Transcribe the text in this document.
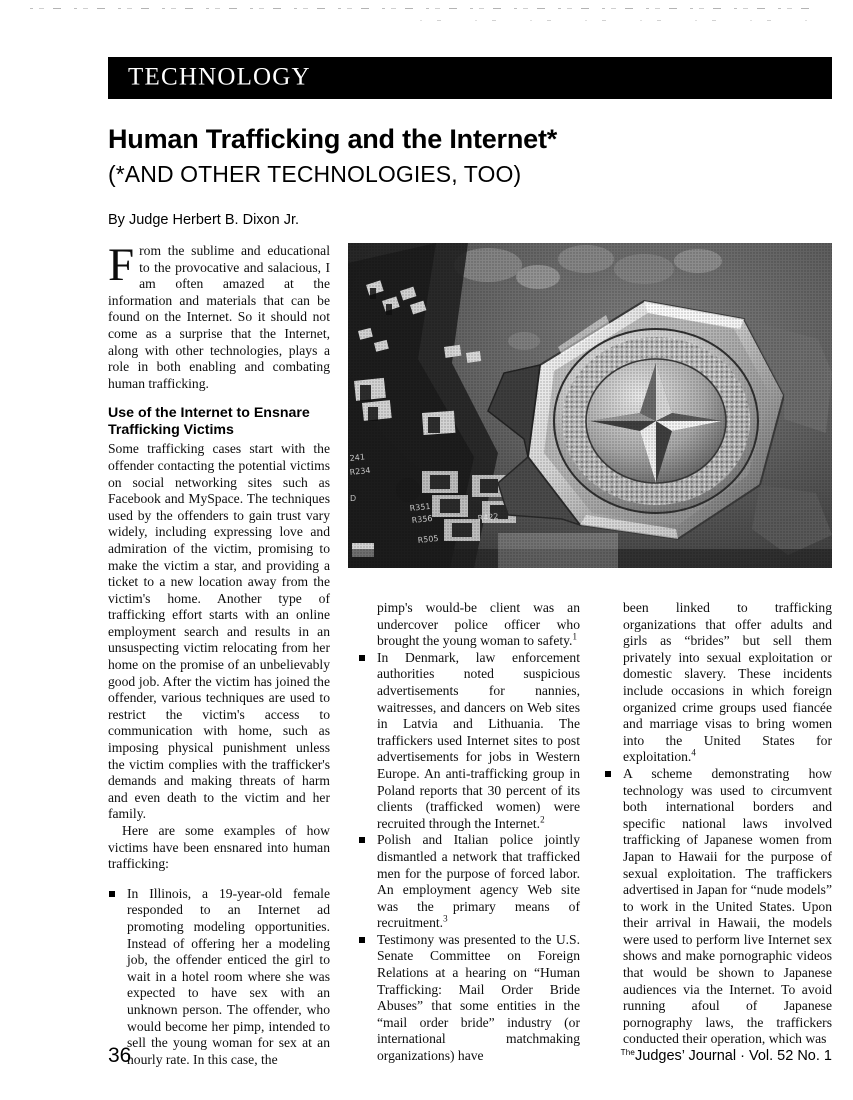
TECHNOLOGY
Human Trafficking and the Internet*
(*AND OTHER TECHNOLOGIES, TOO)
By Judge Herbert B. Dixon Jr.

From the sublime and educational to the provocative and salacious, I am often amazed at the information and materials that can be found on the Internet. So it should not come as a surprise that the Internet, along with other technologies, plays a role in both enabling and combating human trafficking.

Use of the Internet to Ensnare Trafficking Victims

Some trafficking cases start with the offender contacting the potential victims on social networking sites such as Facebook and MySpace. The techniques used by the offenders to gain trust vary widely, including expressing love and admiration of the victim, promising to make the victim a star, and providing a ticket to a new location away from the victim's home. Another type of trafficking effort starts with an online employment search and results in an unsuspecting victim relocating from her home on the promise of an unbelievably good job. After the victim has joined the offender, various techniques are used to restrict the victim's access to communication with home, such as imposing physical punishment unless the victim complies with the trafficker's demands and making threats of harm and even death to the victim and her family.

Here are some examples of how victims have been ensnared into human trafficking:

In Illinois, a 19-year-old female responded to an Internet ad promoting modeling opportunities. Instead of offering her a modeling job, the offender enticed the girl to wait in a hotel room where she was expected to have sex with an unknown person. The offender, who would become her pimp, intended to sell the young woman for sex at an hourly rate. In this case, the

pimp's would-be client was an undercover police officer who brought the young woman to safety.$^1$

In Denmark, law enforcement authorities noted suspicious advertisements for nannies, waitresses, and dancers on Web sites in Latvia and Lithuania. The traffickers used Internet sites to post advertisements for jobs in Western Europe. An anti-trafficking group in Poland reports that 30 percent of its clients (trafficked women) were recruited through the Internet.$^2$
Polish and Italian police jointly dismantled a network that trafficked men for the purpose of forced labor. An employment agency Web site was the primary means of recruitment.$^3$
Testimony was presented to the U.S. Senate Committee on Foreign Relations at a hearing on “Human Trafficking: Mail Order Bride Abuses” that some entities in the “mail order bride” industry (or international matchmaking organizations) have

been linked to trafficking organizations that offer adults and girls as “brides” but sell them privately into sexual exploitation or domestic slavery. These incidents include occasions in which foreign organized crime groups used fiancée and marriage visas to bring women into the United States for exploitation.$^4$

A scheme demonstrating how technology was used to circumvent both international borders and specific national laws involved trafficking of Japanese women from Japan to Hawaii for the purpose of sexual exploitation. The traffickers advertised in Japan for “nude models” to work in the United States. Upon their arrival in Hawaii, the models were used to perform live Internet sex shows and make pornographic videos that would be shown to Japanese audiences via the Internet. To avoid running afoul of Japanese pornography laws, the traffickers conducted their operation, which was
36	$^{The}$Judges’ Journal · Vol. 52 No. 1
